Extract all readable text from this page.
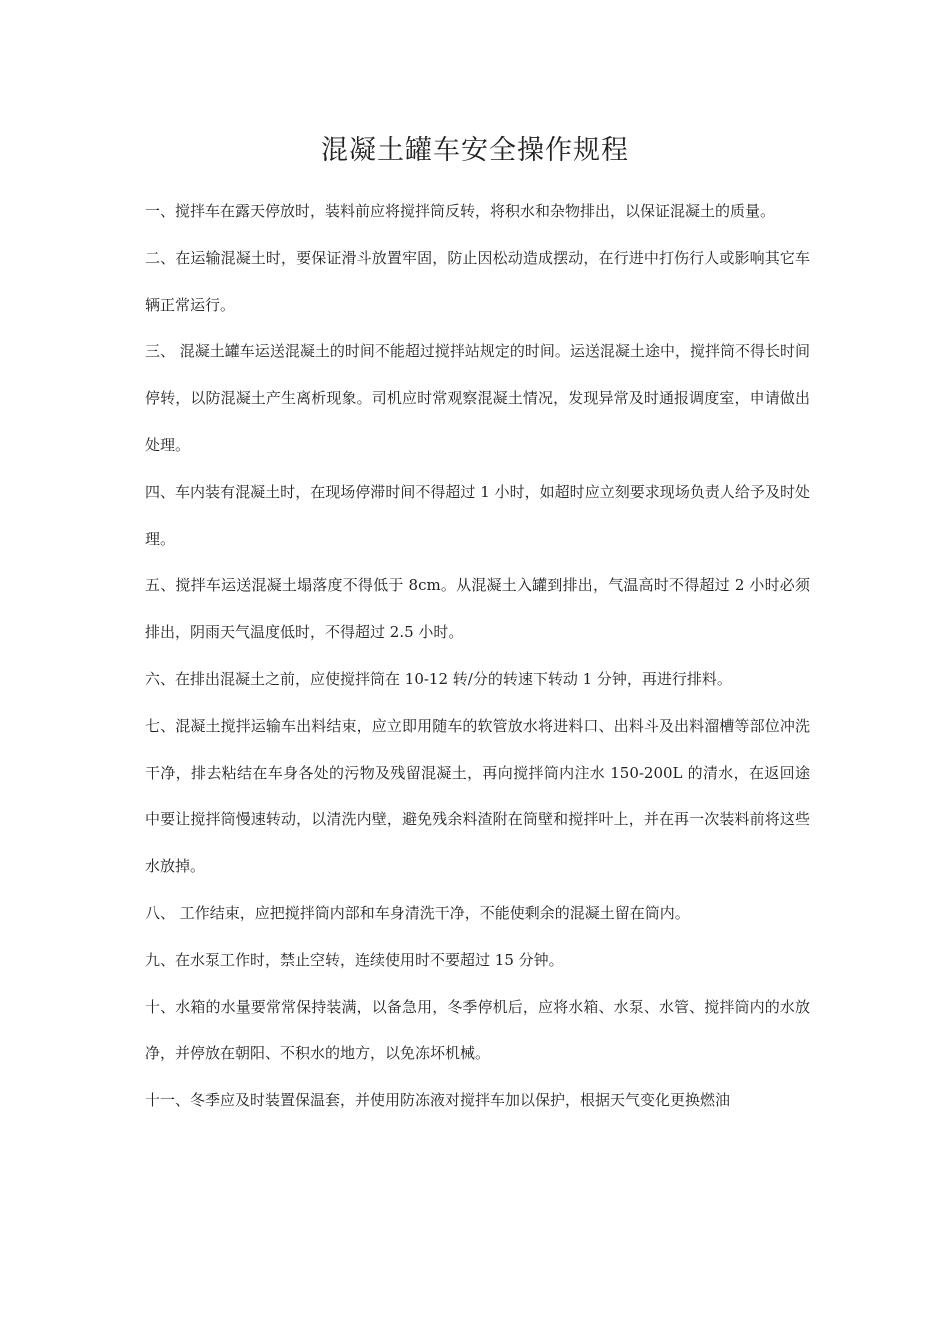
混凝土罐车安全操作规程

一、搅拌车在露天停放时，装料前应将搅拌筒反转，将积水和杂物排出，以保证混凝土的质量。

二、在运输混凝土时，要保证滑斗放置牢固，防止因松动造成摆动，在行进中打伤行人或影响其它车辆正常运行。

三、 混凝土罐车运送混凝土的时间不能超过搅拌站规定的时间。运送混凝土途中，搅拌筒不得长时间停转，以防混凝土产生离析现象。司机应时常观察混凝土情况，发现异常及时通报调度室，申请做出处理。

四、车内装有混凝土时，在现场停滞时间不得超过 1 小时，如超时应立刻要求现场负责人给予及时处理。

五、搅拌车运送混凝土塌落度不得低于 8cm。从混凝土入罐到排出，气温高时不得超过 2 小时必须排出，阴雨天气温度低时，不得超过 2.5 小时。

六、在排出混凝土之前，应使搅拌筒在 10-12 转/分的转速下转动 1 分钟，再进行排料。

七、混凝土搅拌运输车出料结束，应立即用随车的软管放水将进料口、出料斗及出料溜槽等部位冲洗干净，排去粘结在车身各处的污物及残留混凝土，再向搅拌筒内注水 150-200L 的清水，在返回途中要让搅拌筒慢速转动，以清洗内壁，避免残余料渣附在筒壁和搅拌叶上，并在再一次装料前将这些水放掉。

八、 工作结束，应把搅拌筒内部和车身清洗干净，不能使剩余的混凝土留在筒内。

九、在水泵工作时，禁止空转，连续使用时不要超过 15 分钟。

十、水箱的水量要常常保持装满，以备急用，冬季停机后，应将水箱、水泵、水管、搅拌筒内的水放净，并停放在朝阳、不积水的地方，以免冻坏机械。

十一、冬季应及时装置保温套，并使用防冻液对搅拌车加以保护，根据天气变化更换燃油
